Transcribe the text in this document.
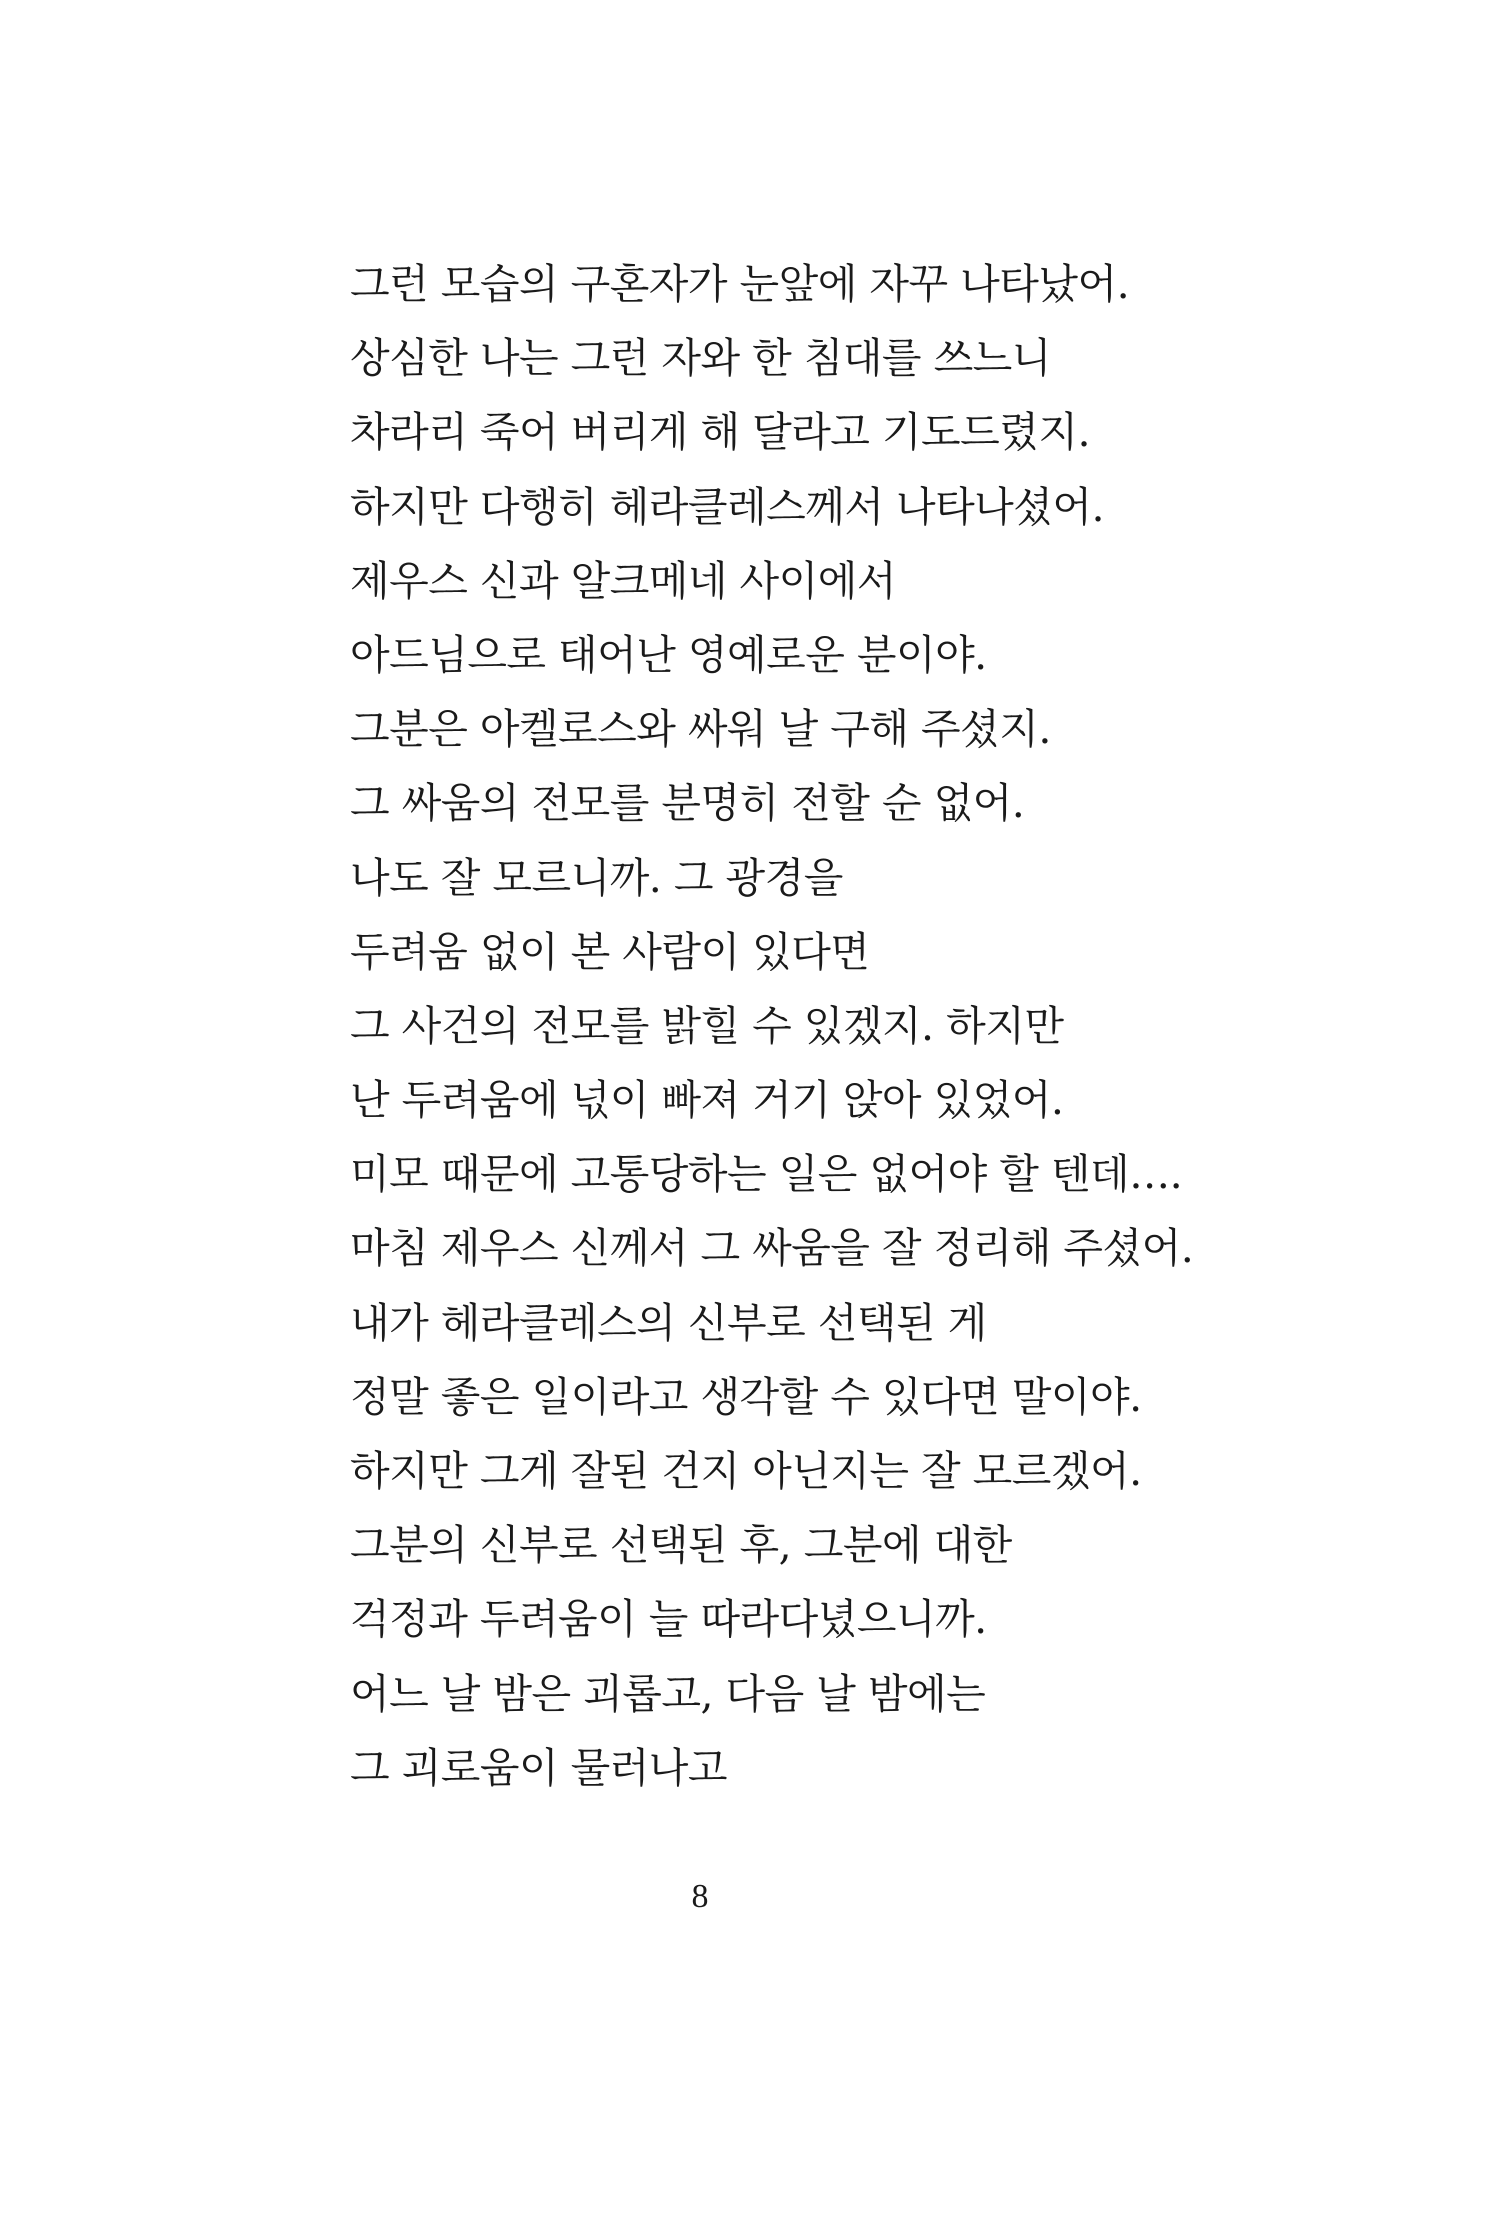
그런 모습의 구혼자가 눈앞에 자꾸 나타났어.
상심한 나는 그런 자와 한 침대를 쓰느니
차라리 죽어 버리게 해 달라고 기도드렸지.
하지만 다행히 헤라클레스께서 나타나셨어.
제우스 신과 알크메네 사이에서
아드님으로 태어난 영예로운 분이야.
그분은 아켈로스와 싸워 날 구해 주셨지.
그 싸움의 전모를 분명히 전할 순 없어.
나도 잘 모르니까. 그 광경을
두려움 없이 본 사람이 있다면
그 사건의 전모를 밝힐 수 있겠지. 하지만
난 두려움에 넋이 빠져 거기 앉아 있었어.
미모 때문에 고통당하는 일은 없어야 할 텐데….
마침 제우스 신께서 그 싸움을 잘 정리해 주셨어.
내가 헤라클레스의 신부로 선택된 게
정말 좋은 일이라고 생각할 수 있다면 말이야.
하지만 그게 잘된 건지 아닌지는 잘 모르겠어.
그분의 신부로 선택된 후, 그분에 대한
걱정과 두려움이 늘 따라다녔으니까.
어느 날 밤은 괴롭고, 다음 날 밤에는
그 괴로움이 물러나고
8
